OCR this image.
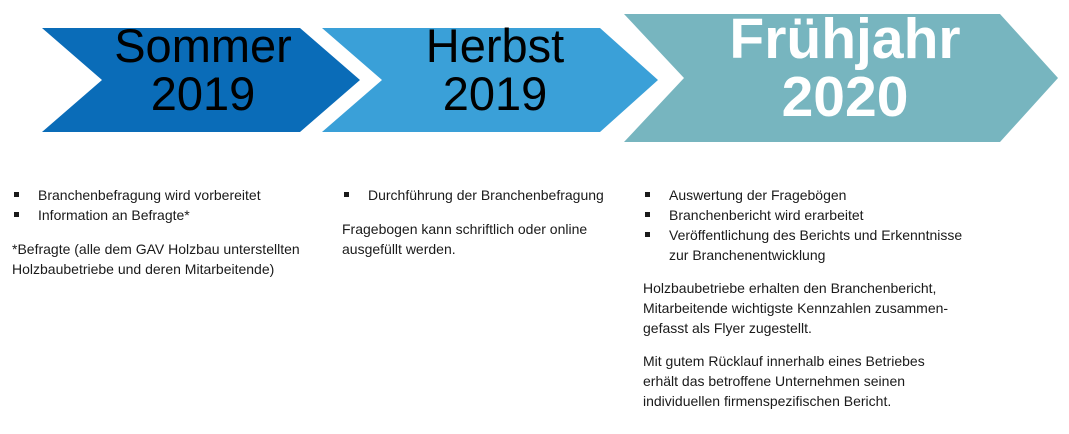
Sommer
2019
Herbst
2019
Frühjahr
2020
Branchenbefragung wird vorbereitet
Information an Befragte*

*Befragte (alle dem GAV Holzbau unterstellten Holzbaubetriebe und deren Mitarbeitende)

Durchführung der Branchenbefragung

Fragebogen kann schriftlich oder online ausgefüllt werden.

Auswertung der Fragebögen
Branchenbericht wird erarbeitet
Veröffentlichung des Berichts und Erkenntnisse zur Branchenentwicklung

Holzbaubetriebe erhalten den Branchenbericht, Mitarbeitende wichtigste Kennzahlen zusammen-gefasst als Flyer zugestellt.

Mit gutem Rücklauf innerhalb eines Betriebes erhält das betroffene Unternehmen seinen individuellen firmenspezifischen Bericht.
